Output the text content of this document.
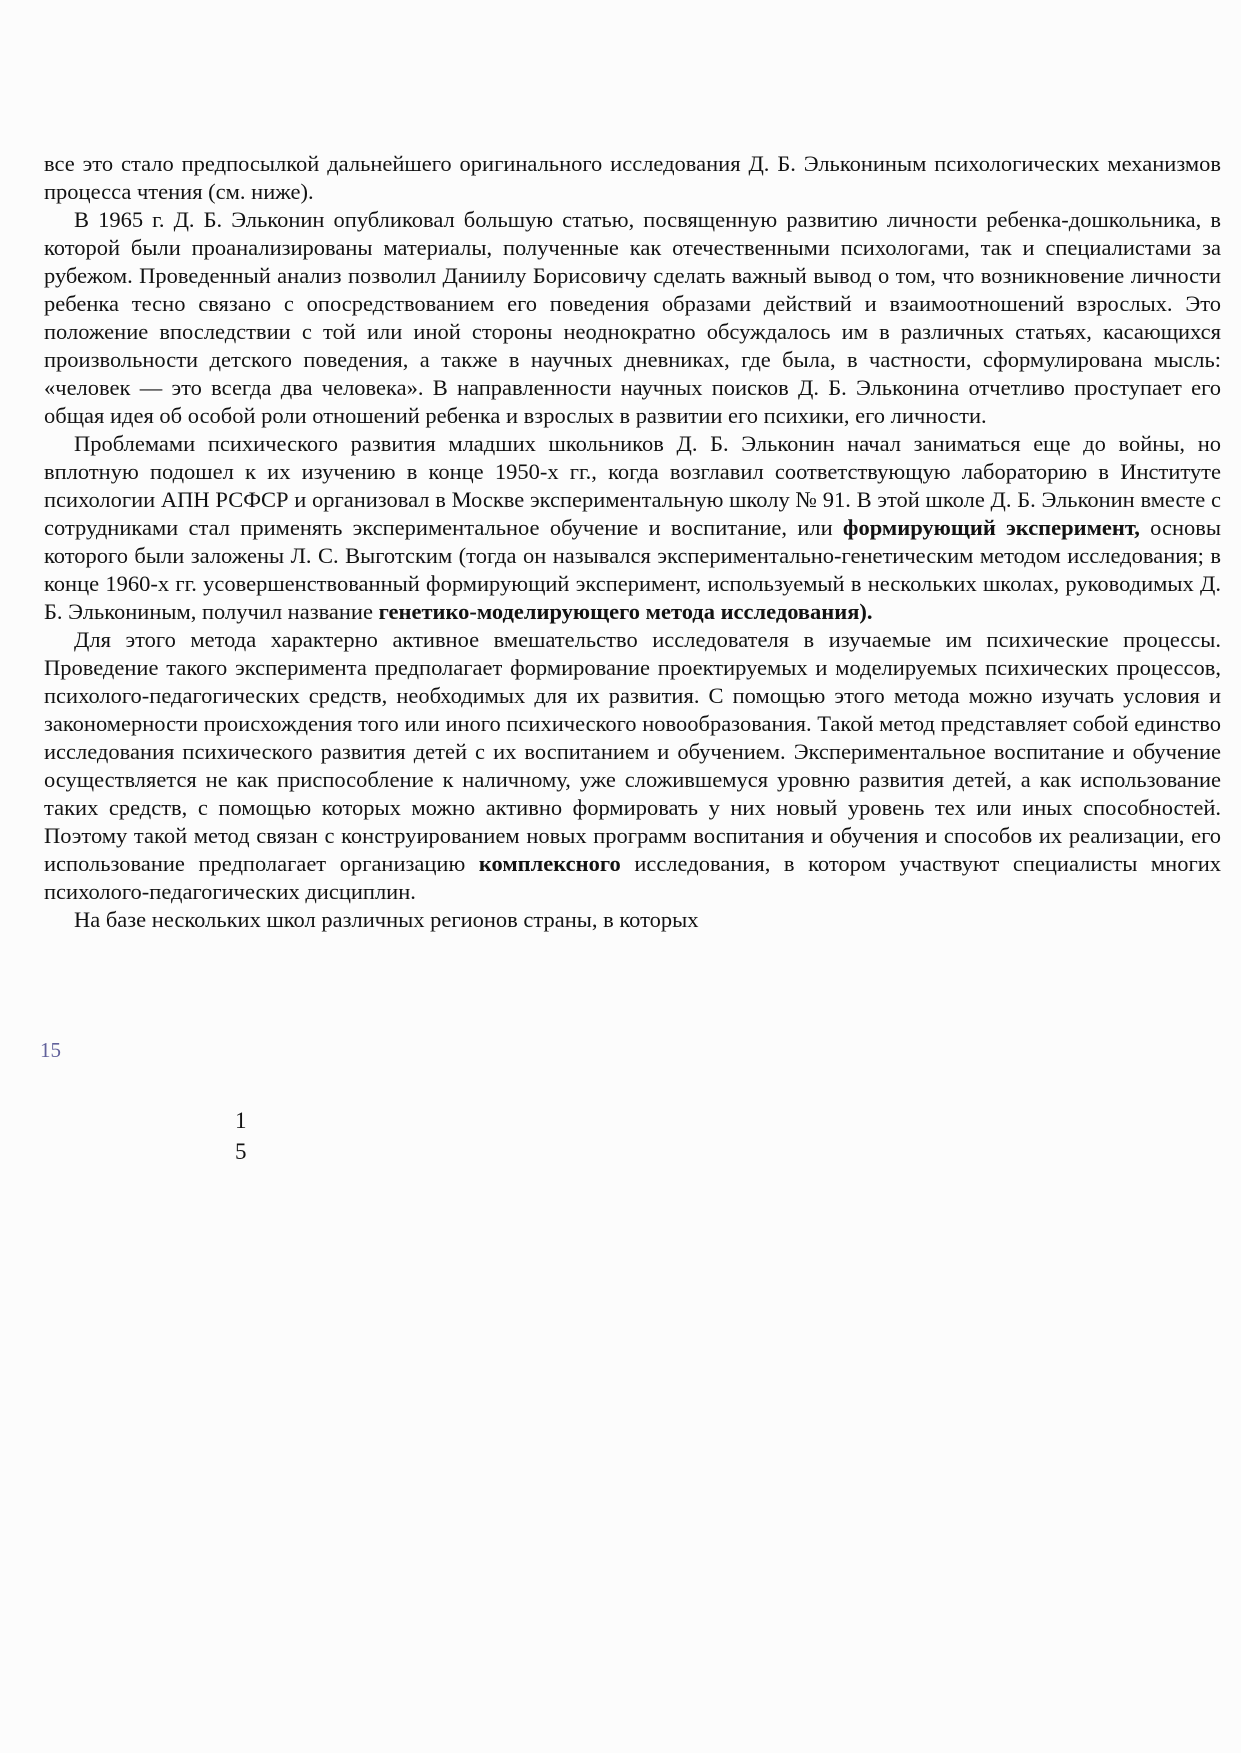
все это стало предпосылкой дальнейшего оригинального исследования Д. Б. Элькониным психологических механизмов процесса чтения (см. ниже).

В 1965 г. Д. Б. Эльконин опубликовал большую статью, посвященную развитию личности ребенка-дошкольника, в которой были проанализированы материалы, полученные как отечественными психологами, так и специалистами за рубежом. Проведенный анализ позволил Даниилу Борисовичу сделать важный вывод о том, что возникновение личности ребенка тесно связано с опосредствованием его поведения образами действий и взаимоотношений взрослых. Это положение впоследствии с той или иной стороны неоднократно обсуждалось им в различных статьях, касающихся произвольности детского поведения, а также в научных дневниках, где была, в частности, сформулирована мысль: «человек — это всегда два человека». В направленности научных поисков Д. Б. Эльконина отчетливо проступает его общая идея об особой роли отношений ребенка и взрослых в развитии его психики, его личности.

Проблемами психического развития младших школьников Д. Б. Эльконин начал заниматься еще до войны, но вплотную подошел к их изучению в конце 1950-х гг., когда возглавил соответствующую лабораторию в Институте психологии АПН РСФСР и организовал в Москве экспериментальную школу № 91. В этой школе Д. Б. Эльконин вместе с сотрудниками стал применять экспериментальное обучение и воспитание, или формирующий эксперимент, основы которого были заложены Л. С. Выготским (тогда он назывался экспериментально-генетическим методом исследования; в конце 1960-х гг. усовершенствованный формирующий эксперимент, используемый в нескольких школах, руководимых Д. Б. Элькониным, получил название генетико-моделирующего метода исследования).

Для этого метода характерно активное вмешательство исследователя в изучаемые им психические процессы. Проведение такого эксперимента предполагает формирование проектируемых и моделируемых психических процессов, психолого-педагогических средств, необходимых для их развития. С помощью этого метода можно изучать условия и закономерности происхождения того или иного психического новообразования. Такой метод представляет собой единство исследования психического развития детей с их воспитанием и обучением. Экспериментальное воспитание и обучение осуществляется не как приспособление к наличному, уже сложившемуся уровню развития детей, а как использование таких средств, с помощью которых можно активно формировать у них новый уровень тех или иных способностей. Поэтому такой метод связан с конструированием новых программ воспитания и обучения и способов их реализации, его использование предполагает организацию комплексного исследования, в котором участвуют специалисты многих психолого-педагогических дисциплин.

На базе нескольких школ различных регионов страны, в которых

15
1
5
